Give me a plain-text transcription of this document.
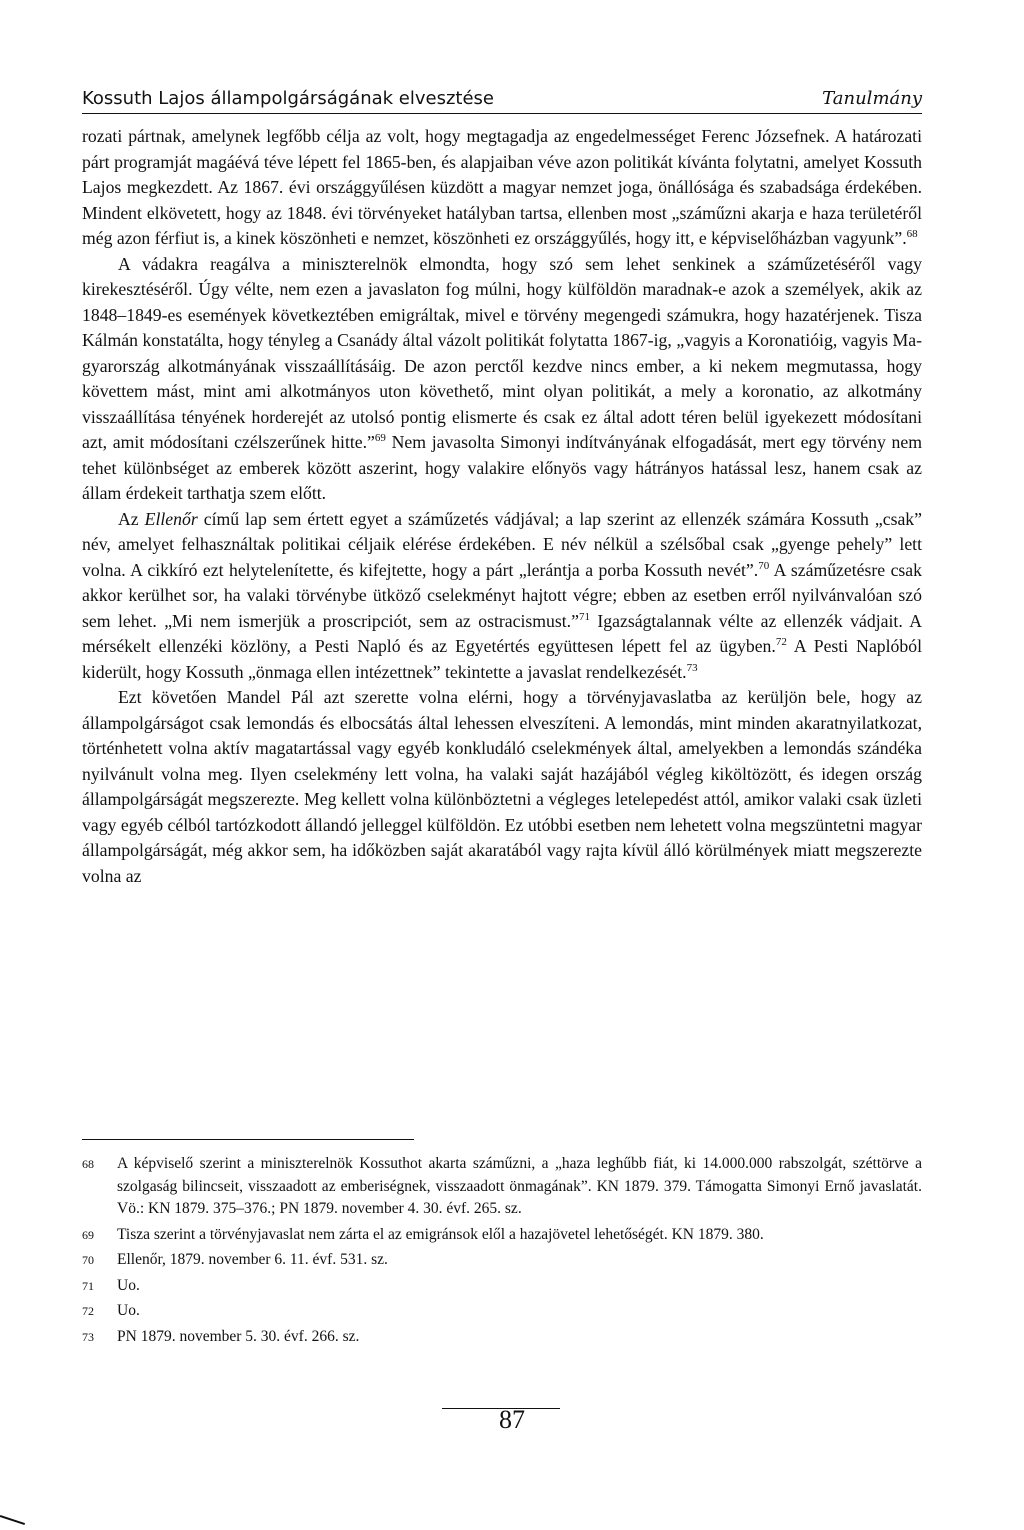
Kossuth Lajos állampolgárságának elvesztése	Tanulmány

rozati pártnak, amelynek legfőbb célja az volt, hogy megtagadja az engedelmességet Ferenc Józsefnek. A határozati párt programját magáévá téve lépett fel 1865-ben, és alapjaiban véve azon politikát kívánta folytatni, amelyet Kossuth Lajos megkezdett. Az 1867. évi országgyűlésen küzdött a magyar nemzet joga, önállósága és szabadsága érdekében. Mindent elkövetett, hogy az 1848. évi törvényeket hatályban tartsa, ellenben most „száműzni akarja e haza területéről még azon férfiut is, a kinek köszönheti e nemzet, köszönheti ez országgyűlés, hogy itt, e képviselőházban vagyunk”.$^{68}$

A vádakra reagálva a miniszterelnök elmondta, hogy szó sem lehet senkinek a száműzetéséről vagy kirekesztéséről. Úgy vélte, nem ezen a javaslaton fog múlni, hogy külföldön maradnak-e azok a személyek, akik az 1848–1849-es események következtében emigráltak, mivel e törvény megengedi számukra, hogy hazatérjenek. Tisza Kálmán konstatálta, hogy tényleg a Csanády által vázolt politikát folytatta 1867-ig, „vagyis a Koronatióig, vagyis Magyarország alkotmányának visszaállításáig. De azon perctől kezdve nincs ember, a ki nekem megmutassa, hogy követtem mást, mint ami alkotmányos uton követhető, mint olyan politikát, a mely a koronatio, az alkotmány visszaállítása tényének horderejét az utolsó pontig elismerte és csak ez által adott téren belül igyekezett módosítani azt, amit módosítani czélszerűnek hitte.”$^{69}$ Nem javasolta Simonyi indítványának elfogadását, mert egy törvény nem tehet különbséget az emberek között aszerint, hogy valakire előnyös vagy hátrányos hatással lesz, hanem csak az állam érdekeit tarthatja szem előtt.

Az Ellenőr című lap sem értett egyet a száműzetés vádjával; a lap szerint az ellenzék számára Kossuth „csak” név, amelyet felhasználtak politikai céljaik elérése érdekében. E név nélkül a szélsőbal csak „gyenge pehely” lett volna. A cikkíró ezt helytelenítette, és kifejtette, hogy a párt „lerántja a porba Kossuth nevét”.$^{70}$ A száműzetésre csak akkor kerülhet sor, ha valaki törvénybe ütköző cselekményt hajtott végre; ebben az esetben erről nyilvánvalóan szó sem lehet. „Mi nem ismerjük a proscripciót, sem az ostracismust.”$^{71}$ Igazságtalannak vélte az ellenzék vádjait. A mérsékelt ellenzéki közlöny, a Pesti Napló és az Egyetértés együttesen lépett fel az ügyben.$^{72}$ A Pesti Naplóból kiderült, hogy Kossuth „önmaga ellen intézettnek” tekintette a javaslat rendelkezését.$^{73}$

Ezt követően Mandel Pál azt szerette volna elérni, hogy a törvényjavaslatba az kerüljön bele, hogy az állampolgárságot csak lemondás és elbocsátás által lehessen elveszíteni. A lemondás, mint minden akaratnyilatkozat, történhetett volna aktív magatartással vagy egyéb konkludáló cselekmények által, amelyekben a lemondás szándéka nyilvánult volna meg. Ilyen cselekmény lett volna, ha valaki saját hazájából végleg kiköltözött, és idegen ország állampolgárságát megszerezte. Meg kellett volna különböztetni a végleges letelepedést attól, amikor valaki csak üzleti vagy egyéb célból tartózkodott állandó jelleggel külföldön. Ez utóbbi esetben nem lehetett volna megszüntetni magyar állampolgárságát, még akkor sem, ha időközben saját akaratából vagy rajta kívül álló körülmények miatt megszerezte volna az

68	A képviselő szerint a miniszterelnök Kossuthot akarta száműzni, a „haza leghűbb fiát, ki 14.000.000 rabszolgát, széttörve a szolgaság bilincseit, visszaadott az emberiségnek, visszaadott önmagának”. KN 1879. 379. Támogatta Simonyi Ernő javaslatát. Vö.: KN 1879. 375–376.; PN 1879. november 4. 30. évf. 265. sz.
69	Tisza szerint a törvényjavaslat nem zárta el az emigránsok elől a hazajövetel lehetőségét. KN 1879. 380.
70	Ellenőr, 1879. november 6. 11. évf. 531. sz.
71	Uo.
72	Uo.
73	PN 1879. november 5. 30. évf. 266. sz.
87
